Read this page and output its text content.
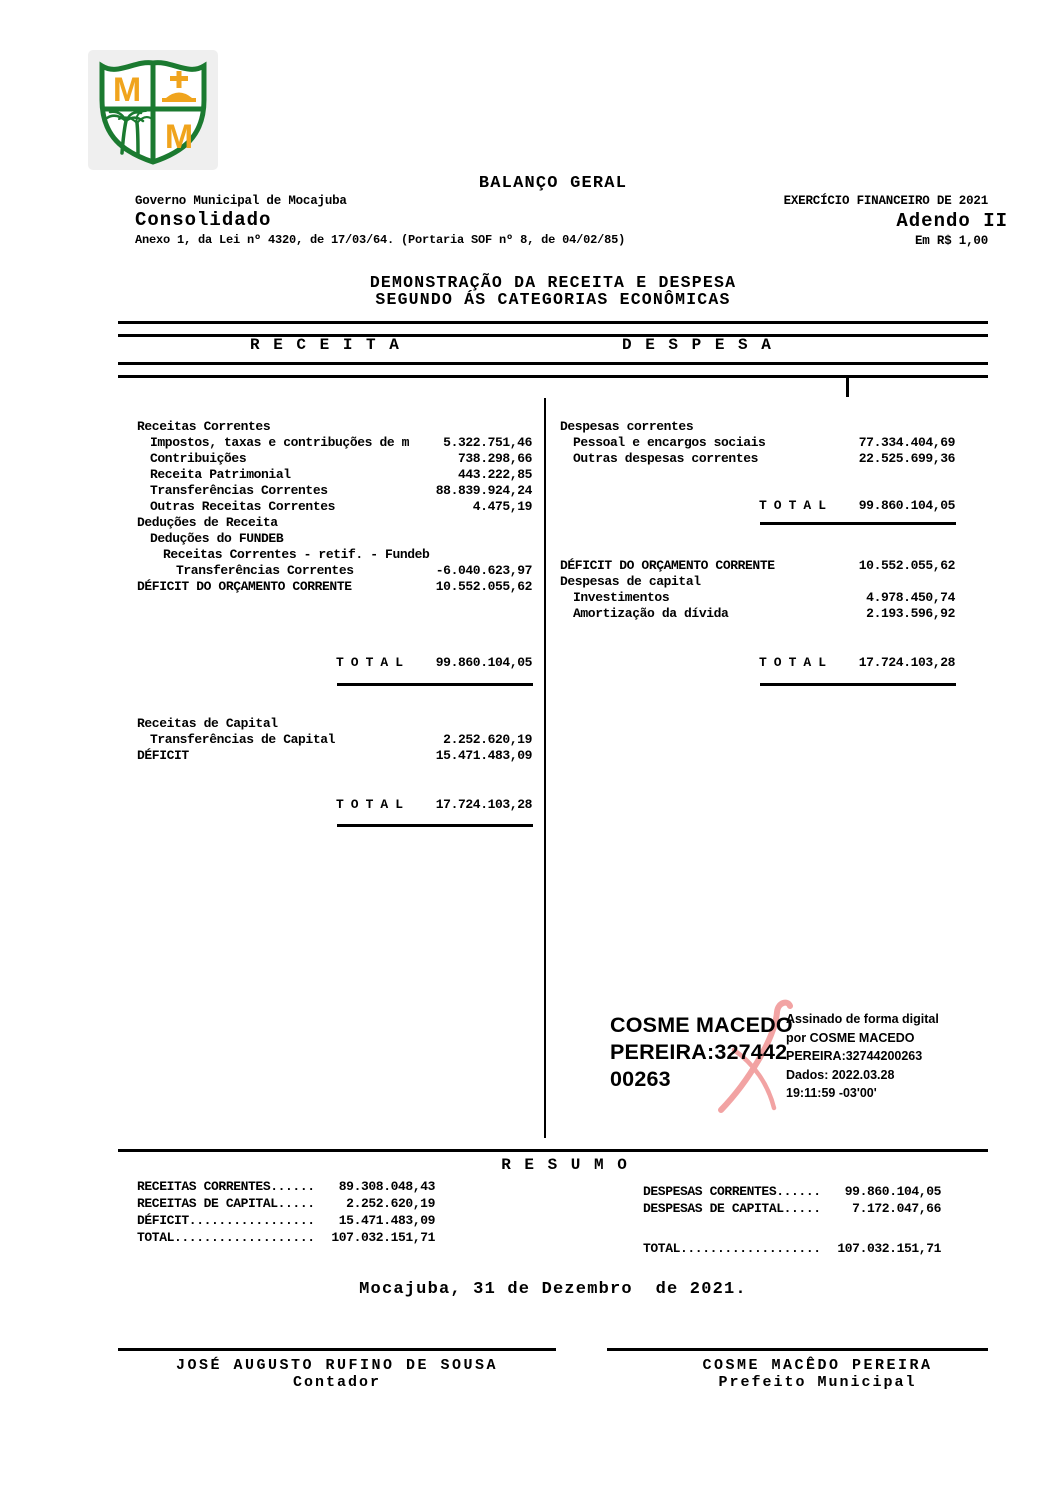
M
M
BALANÇO GERAL
Governo Municipal de Mocajuba
Consolidado
Anexo 1, da Lei nº 4320, de 17/03/64. (Portaria SOF nº 8, de 04/02/85)
EXERCÍCIO FINANCEIRO DE 2021
Adendo II
Em R$ 1,00
DEMONSTRAÇÃO DA RECEITA E DESPESA
SEGUNDO ÁS CATEGORIAS ECONÔMICAS
R E C E I T A	D E S P E S A
Receitas Correntes
Impostos, taxas e contribuções de m	5.322.751,46
Contribuições	738.298,66
Receita Patrimonial	443.222,85
Transferências Correntes	88.839.924,24
Outras Receitas Correntes	4.475,19
Deduções de Receita
Deduções do FUNDEB
Receitas Correntes - retif. - Fundeb
Transferências Correntes	-6.040.623,97
DÉFICIT DO ORÇAMENTO CORRENTE	10.552.055,62
T O T A L	99.860.104,05
Receitas de Capital
Transferências de Capital	2.252.620,19
DÉFICIT	15.471.483,09
T O T A L	17.724.103,28
Despesas correntes
Pessoal e encargos sociais	77.334.404,69
Outras despesas correntes	22.525.699,36
T O T A L	99.860.104,05
DÉFICIT DO ORÇAMENTO CORRENTE	10.552.055,62
Despesas de capital
Investimentos	4.978.450,74
Amortização da dívida	2.193.596,92
T O T A L	17.724.103,28
COSME MACEDO
PEREIRA:327442
00263
Assinado de forma digital
por COSME MACEDO
PEREIRA:32744200263
Dados: 2022.03.28
19:11:59 -03'00'
R E S U M O
RECEITAS CORRENTES...... 89.308.048,43
RECEITAS DE CAPITAL..... 2.252.620,19
DÉFICIT................. 15.471.483,09
TOTAL................... 107.032.151,71
DESPESAS CORRENTES...... 99.860.104,05
DESPESAS DE CAPITAL..... 7.172.047,66
TOTAL................... 107.032.151,71
Mocajuba, 31 de Dezembro  de 2021.
JOSÉ AUGUSTO RUFINO DE SOUSA
Contador
COSME MACÊDO PEREIRA
Prefeito Municipal
